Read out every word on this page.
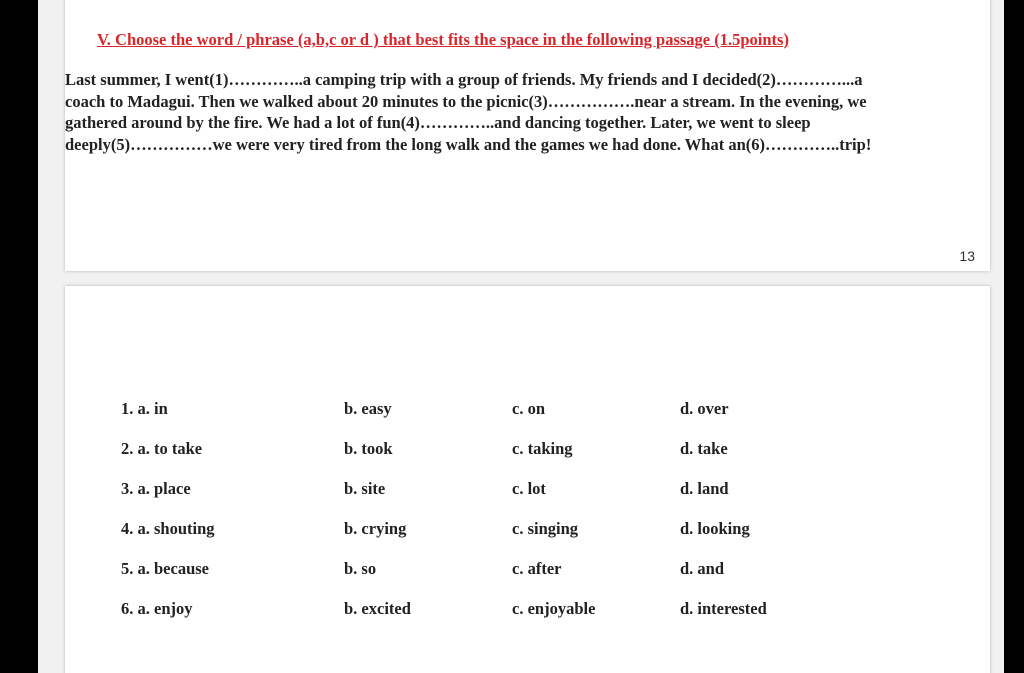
V. Choose the word / phrase (a,b,c or d ) that best fits the space in the following passage (1.5points)

Last summer, I went(1)…………..a camping trip with a group of friends. My friends and I decided(2)…………...a
coach to Madagui. Then we walked about 20 minutes to the picnic(3)…………….near a stream. In the evening, we
gathered around by the fire. We had a lot of fun(4)…………..and dancing together. Later, we went to sleep
deeply(5)……………we were very tired from the long walk and the games we had done. What an(6)…………..trip!

13
1. a. in	b. easy	c. on	d. over
2. a. to take	b. took	c. taking	d. take
3. a. place	b. site	c. lot	d. land
4. a. shouting	b. crying	c. singing	d. looking
5. a. because	b. so	c. after	d. and
6. a. enjoy	b. excited	c. enjoyable	d. interested
